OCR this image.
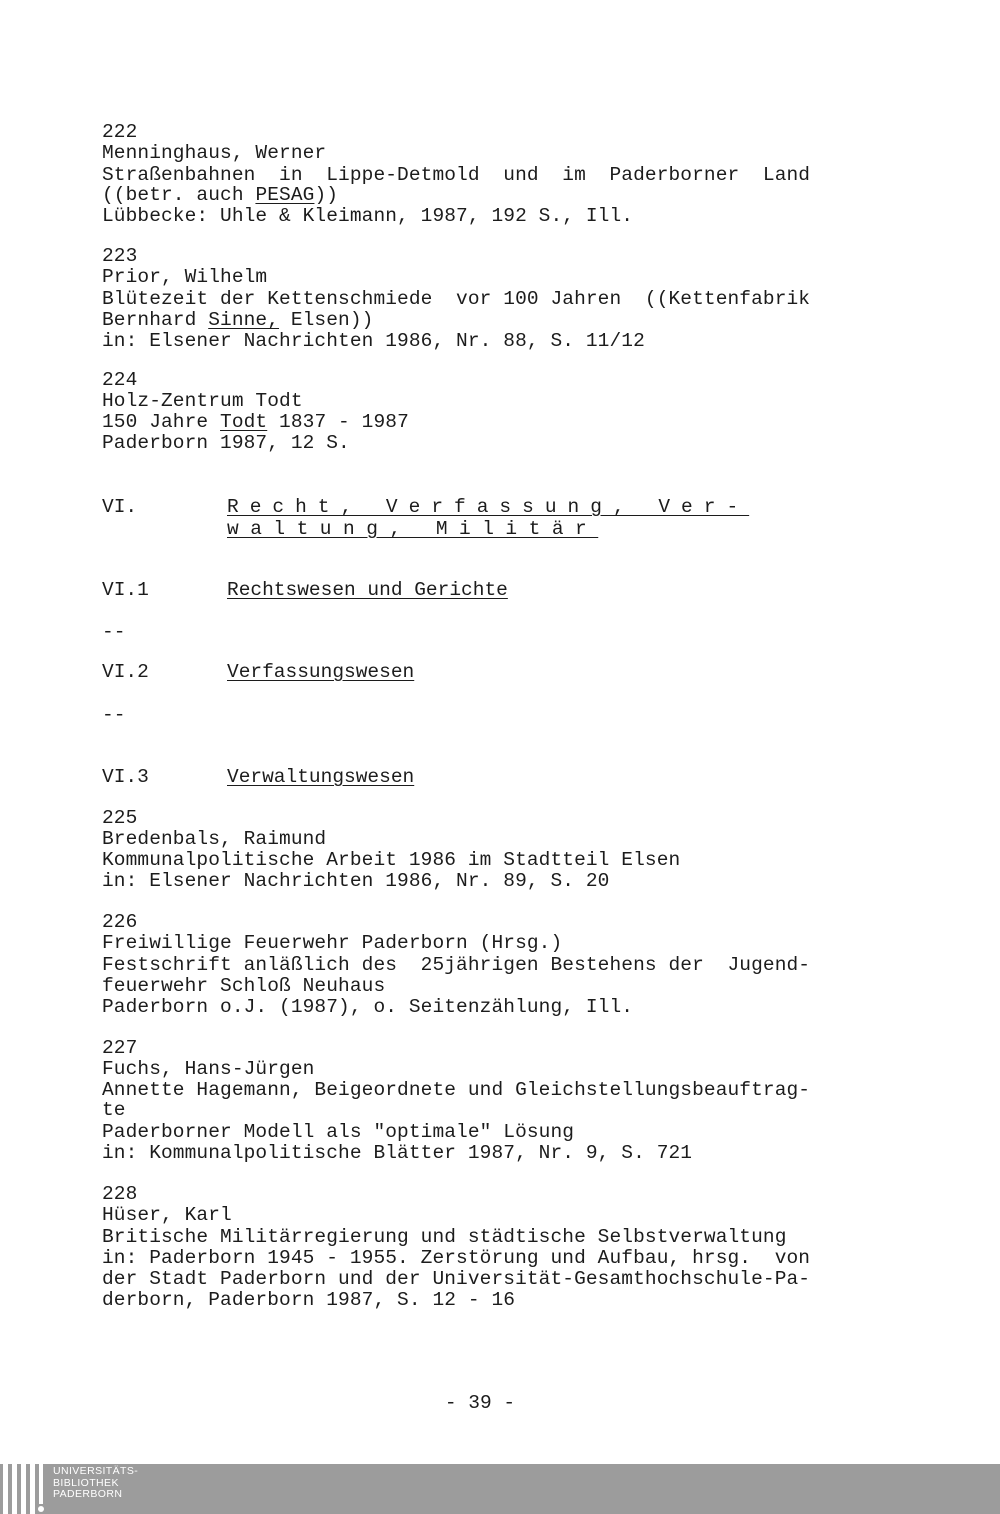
222
Menninghaus, Werner
Straßenbahnen  in  Lippe-Detmold  und  im  Paderborner  Land
((betr. auch PESAG))
Lübbecke: Uhle & Kleimann, 1987, 192 S., Ill.
223
Prior, Wilhelm
Blütezeit der Kettenschmiede  vor 100 Jahren  ((Kettenfabrik
Bernhard Sinne, Elsen))
in: Elsener Nachrichten 1986, Nr. 88, S. 11/12
224
Holz-Zentrum Todt
150 Jahre Todt 1837 - 1987
Paderborn 1987, 12 S.
VI.	Recht, Verfassung, Ver-
waltung, Militär
VI.1	Rechtswesen und Gerichte
--
VI.2	Verfassungswesen
--
VI.3	Verwaltungswesen
225
Bredenbals, Raimund
Kommunalpolitische Arbeit 1986 im Stadtteil Elsen
in: Elsener Nachrichten 1986, Nr. 89, S. 20
226
Freiwillige Feuerwehr Paderborn (Hrsg.)
Festschrift anläßlich des  25jährigen Bestehens der  Jugend-
feuerwehr Schloß Neuhaus
Paderborn o.J. (1987), o. Seitenzählung, Ill.
227
Fuchs, Hans-Jürgen
Annette Hagemann, Beigeordnete und Gleichstellungsbeauftrag-
te
Paderborner Modell als "optimale" Lösung
in: Kommunalpolitische Blätter 1987, Nr. 9, S. 721
228
Hüser, Karl
Britische Militärregierung und städtische Selbstverwaltung
in: Paderborn 1945 - 1955. Zerstörung und Aufbau, hrsg.  von
der Stadt Paderborn und der Universität-Gesamthochschule-Pa-
derborn, Paderborn 1987, S. 12 - 16
- 39 -
UNIVERSITÄTS-
BIBLIOTHEK
PADERBORN
